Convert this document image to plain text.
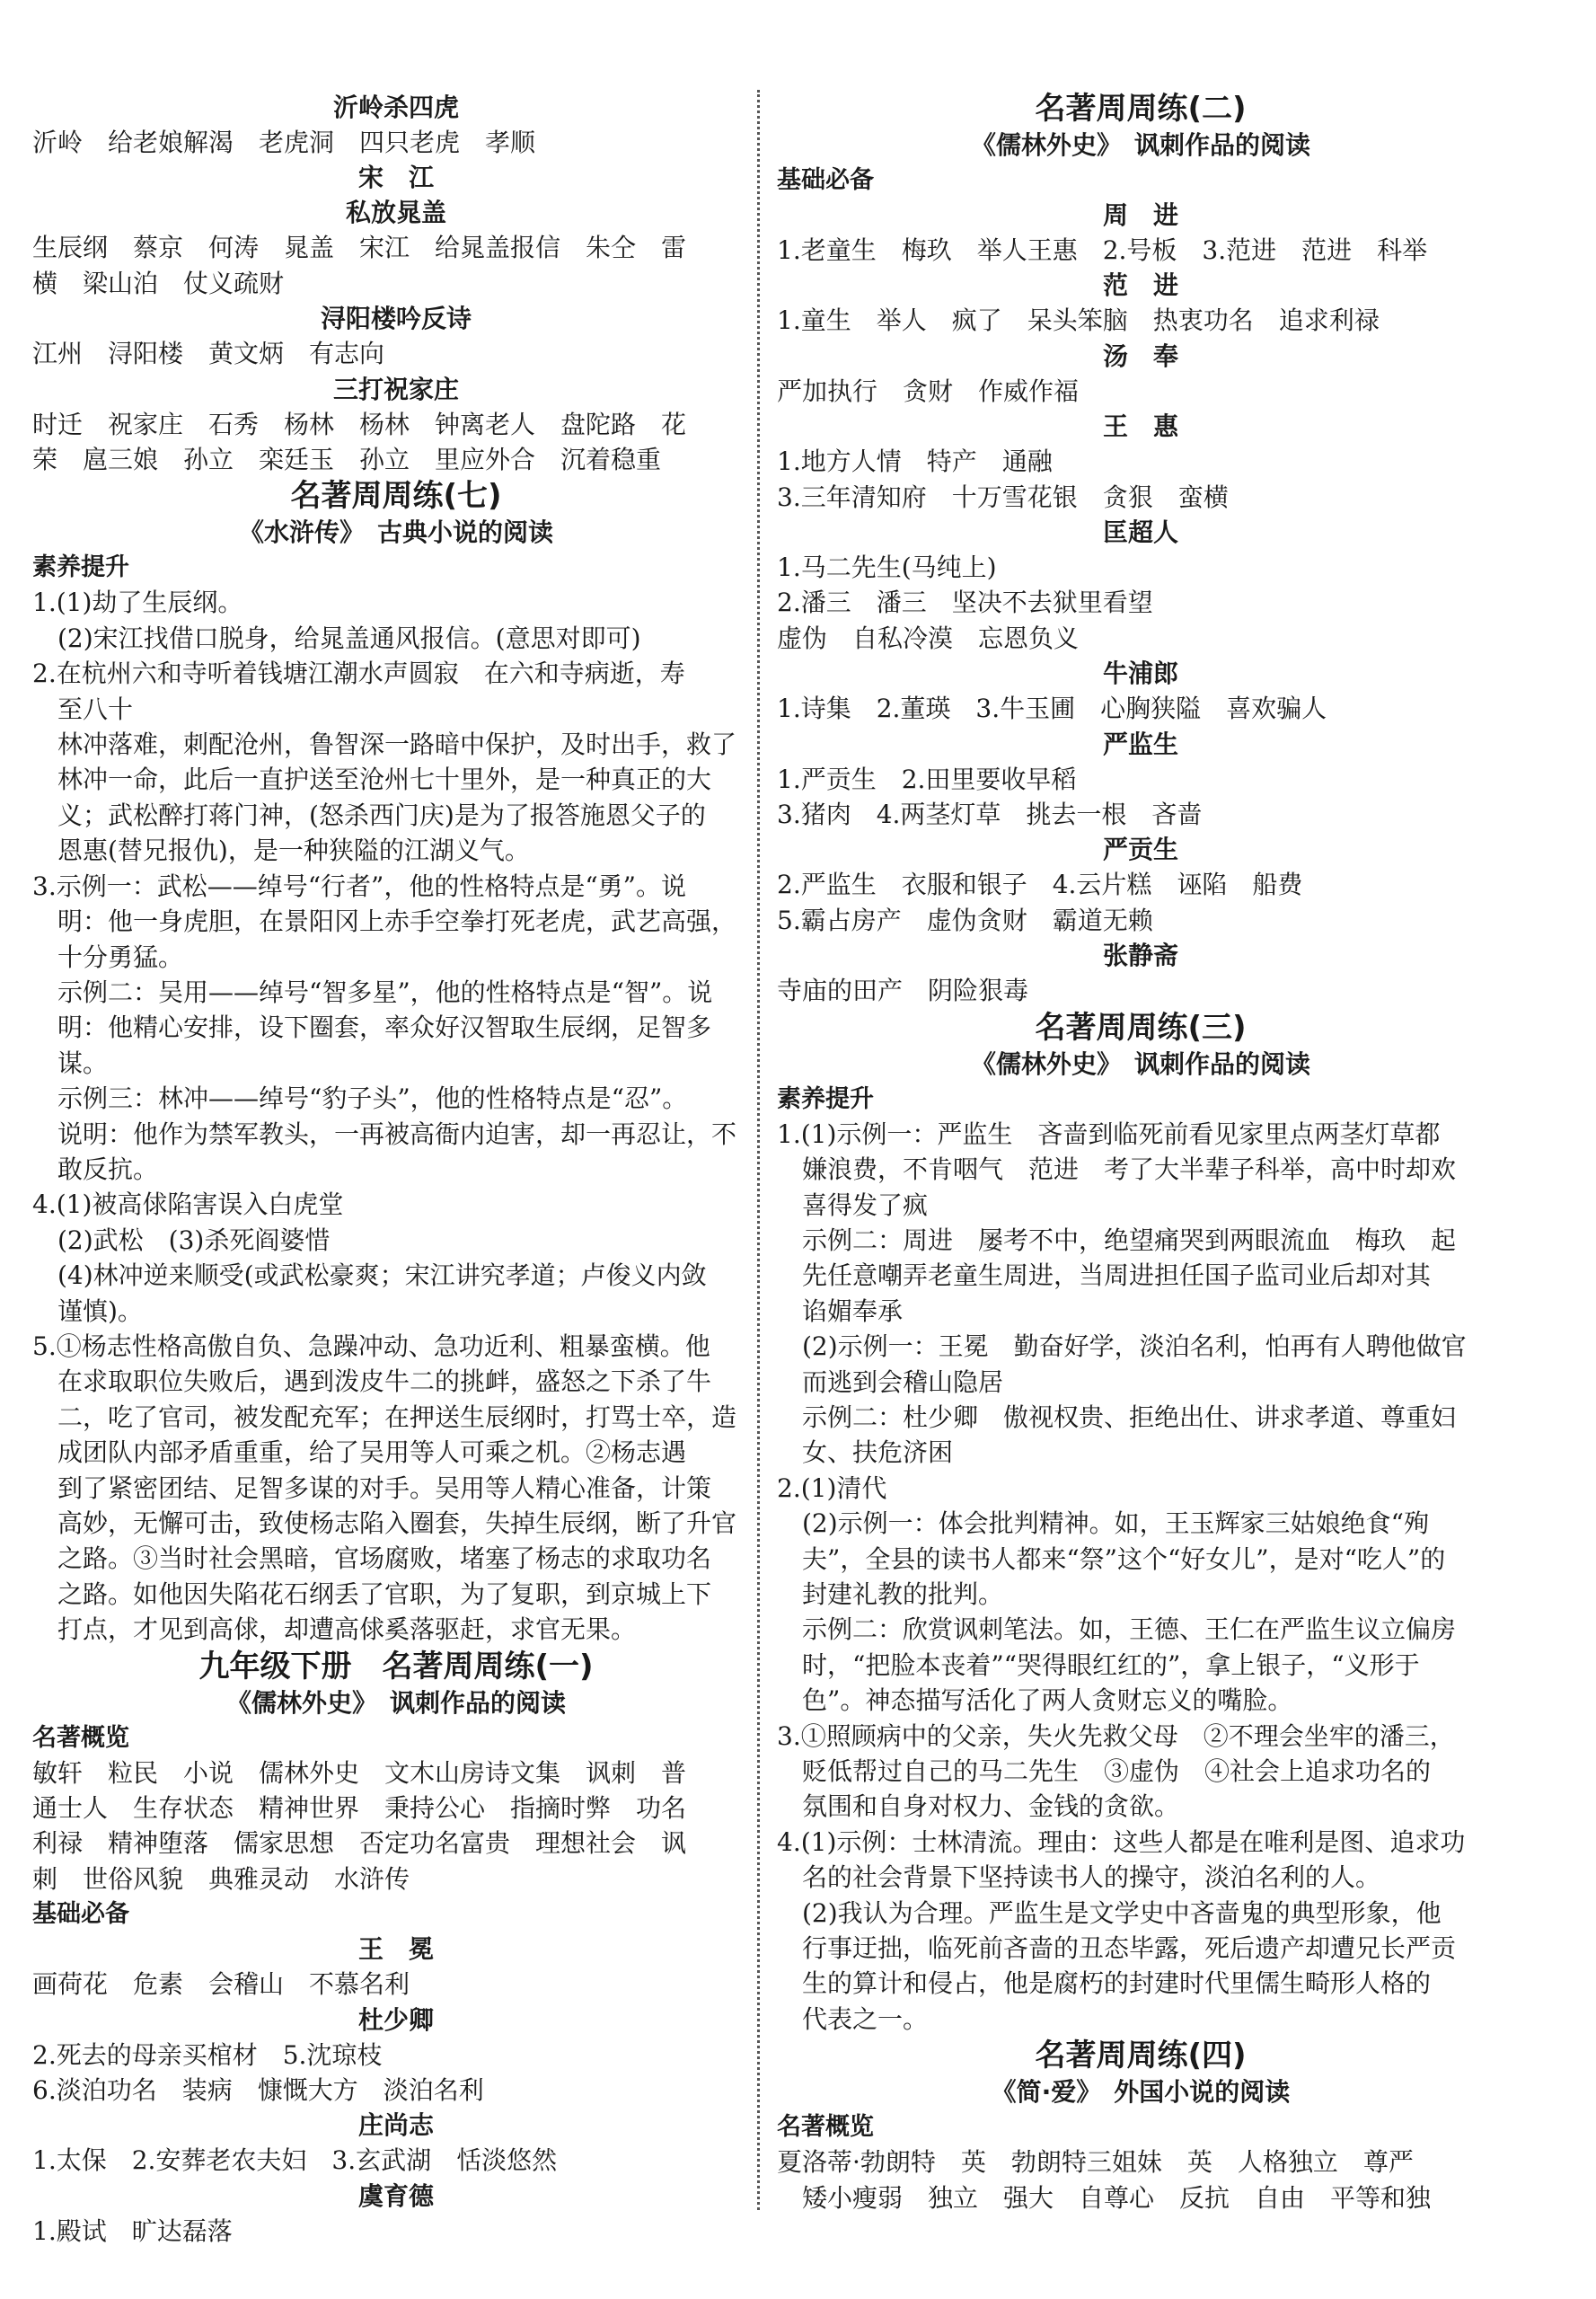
沂岭杀四虎
沂岭　给老娘解渴　老虎洞　四只老虎　孝顺
宋　江
私放晁盖
生辰纲　蔡京　何涛　晁盖　宋江　给晁盖报信　朱仝　雷
横　梁山泊　仗义疏财
浔阳楼吟反诗
江州　浔阳楼　黄文炳　有志向
三打祝家庄
时迁　祝家庄　石秀　杨林　杨林　钟离老人　盘陀路　花
荣　扈三娘　孙立　栾廷玉　孙立　里应外合　沉着稳重
名著周周练(七)
《水浒传》　古典小说的阅读
素养提升
1.(1)劫了生辰纲。
(2)宋江找借口脱身，给晁盖通风报信。(意思对即可)
2.在杭州六和寺听着钱塘江潮水声圆寂　在六和寺病逝，寿
至八十
林冲落难，刺配沧州，鲁智深一路暗中保护，及时出手，救了
林冲一命，此后一直护送至沧州七十里外，是一种真正的大
义；武松醉打蒋门神，(怒杀西门庆)是为了报答施恩父子的
恩惠(替兄报仇)，是一种狭隘的江湖义气。
3.示例一：武松——绰号“行者”，他的性格特点是“勇”。说
明：他一身虎胆，在景阳冈上赤手空拳打死老虎，武艺高强，
十分勇猛。
示例二：吴用——绰号“智多星”，他的性格特点是“智”。说
明：他精心安排，设下圈套，率众好汉智取生辰纲，足智多谋。
示例三：林冲——绰号“豹子头”，他的性格特点是“忍”。
说明：他作为禁军教头，一再被高衙内迫害，却一再忍让，不
敢反抗。
4.(1)被高俅陷害误入白虎堂
(2)武松　(3)杀死阎婆惜
(4)林冲逆来顺受(或武松豪爽；宋江讲究孝道；卢俊义内敛
谨慎)。
5.①杨志性格高傲自负、急躁冲动、急功近利、粗暴蛮横。他
在求取职位失败后，遇到泼皮牛二的挑衅，盛怒之下杀了牛
二，吃了官司，被发配充军；在押送生辰纲时，打骂士卒，造
成团队内部矛盾重重，给了吴用等人可乘之机。②杨志遇
到了紧密团结、足智多谋的对手。吴用等人精心准备，计策
高妙，无懈可击，致使杨志陷入圈套，失掉生辰纲，断了升官
之路。③当时社会黑暗，官场腐败，堵塞了杨志的求取功名
之路。如他因失陷花石纲丢了官职，为了复职，到京城上下
打点，才见到高俅，却遭高俅奚落驱赶，求官无果。
九年级下册　名著周周练(一)
《儒林外史》　讽刺作品的阅读
名著概览
敏轩　粒民　小说　儒林外史　文木山房诗文集　讽刺　普
通士人　生存状态　精神世界　秉持公心　指摘时弊　功名
利禄　精神堕落　儒家思想　否定功名富贵　理想社会　讽
刺　世俗风貌　典雅灵动　水浒传
基础必备
王　冕
画荷花　危素　会稽山　不慕名利
杜少卿
2.死去的母亲买棺材　5.沈琼枝
6.淡泊功名　装病　慷慨大方　淡泊名利
庄尚志
1.太保　2.安葬老农夫妇　3.玄武湖　恬淡悠然
虞育德
1.殿试　旷达磊落
名著周周练(二)
《儒林外史》　讽刺作品的阅读
基础必备
周　进
1.老童生　梅玖　举人王惠　2.号板　3.范进　范进　科举
范　进
1.童生　举人　疯了　呆头笨脑　热衷功名　追求利禄
汤　奉
严加执行　贪财　作威作福
王　惠
1.地方人情　特产　通融
3.三年清知府　十万雪花银　贪狠　蛮横
匡超人
1.马二先生(马纯上)
2.潘三　潘三　坚决不去狱里看望
虚伪　自私冷漠　忘恩负义
牛浦郎
1.诗集　2.董瑛　3.牛玉圃　心胸狭隘　喜欢骗人
严监生
1.严贡生　2.田里要收早稻
3.猪肉　4.两茎灯草　挑去一根　吝啬
严贡生
2.严监生　衣服和银子　4.云片糕　诬陷　船费
5.霸占房产　虚伪贪财　霸道无赖
张静斋
寺庙的田产　阴险狠毒
名著周周练(三)
《儒林外史》　讽刺作品的阅读
素养提升
1.(1)示例一：严监生　吝啬到临死前看见家里点两茎灯草都
嫌浪费，不肯咽气　范进　考了大半辈子科举，高中时却欢
喜得发了疯
示例二：周进　屡考不中，绝望痛哭到两眼流血　梅玖　起
先任意嘲弄老童生周进，当周进担任国子监司业后却对其
谄媚奉承
(2)示例一：王冕　勤奋好学，淡泊名利，怕再有人聘他做官
而逃到会稽山隐居
示例二：杜少卿　傲视权贵、拒绝出仕、讲求孝道、尊重妇
女、扶危济困
2.(1)清代
(2)示例一：体会批判精神。如，王玉辉家三姑娘绝食“殉
夫”，全县的读书人都来“祭”这个“好女儿”，是对“吃人”的
封建礼教的批判。
示例二：欣赏讽刺笔法。如，王德、王仁在严监生议立偏房
时，“把脸本丧着”“哭得眼红红的”，拿上银子，“义形于
色”。神态描写活化了两人贪财忘义的嘴脸。
3.①照顾病中的父亲，失火先救父母　②不理会坐牢的潘三，
贬低帮过自己的马二先生　③虚伪　④社会上追求功名的
氛围和自身对权力、金钱的贪欲。
4.(1)示例：士林清流。理由：这些人都是在唯利是图、追求功
名的社会背景下坚持读书人的操守，淡泊名利的人。
(2)我认为合理。严监生是文学史中吝啬鬼的典型形象，他
行事迂拙，临死前吝啬的丑态毕露，死后遗产却遭兄长严贡
生的算计和侵占，他是腐朽的封建时代里儒生畸形人格的
代表之一。
名著周周练(四)
《简·爱》　外国小说的阅读
名著概览
夏洛蒂·勃朗特　英　勃朗特三姐妹　英　人格独立　尊严
矮小瘦弱　独立　强大　自尊心　反抗　自由　平等和独
